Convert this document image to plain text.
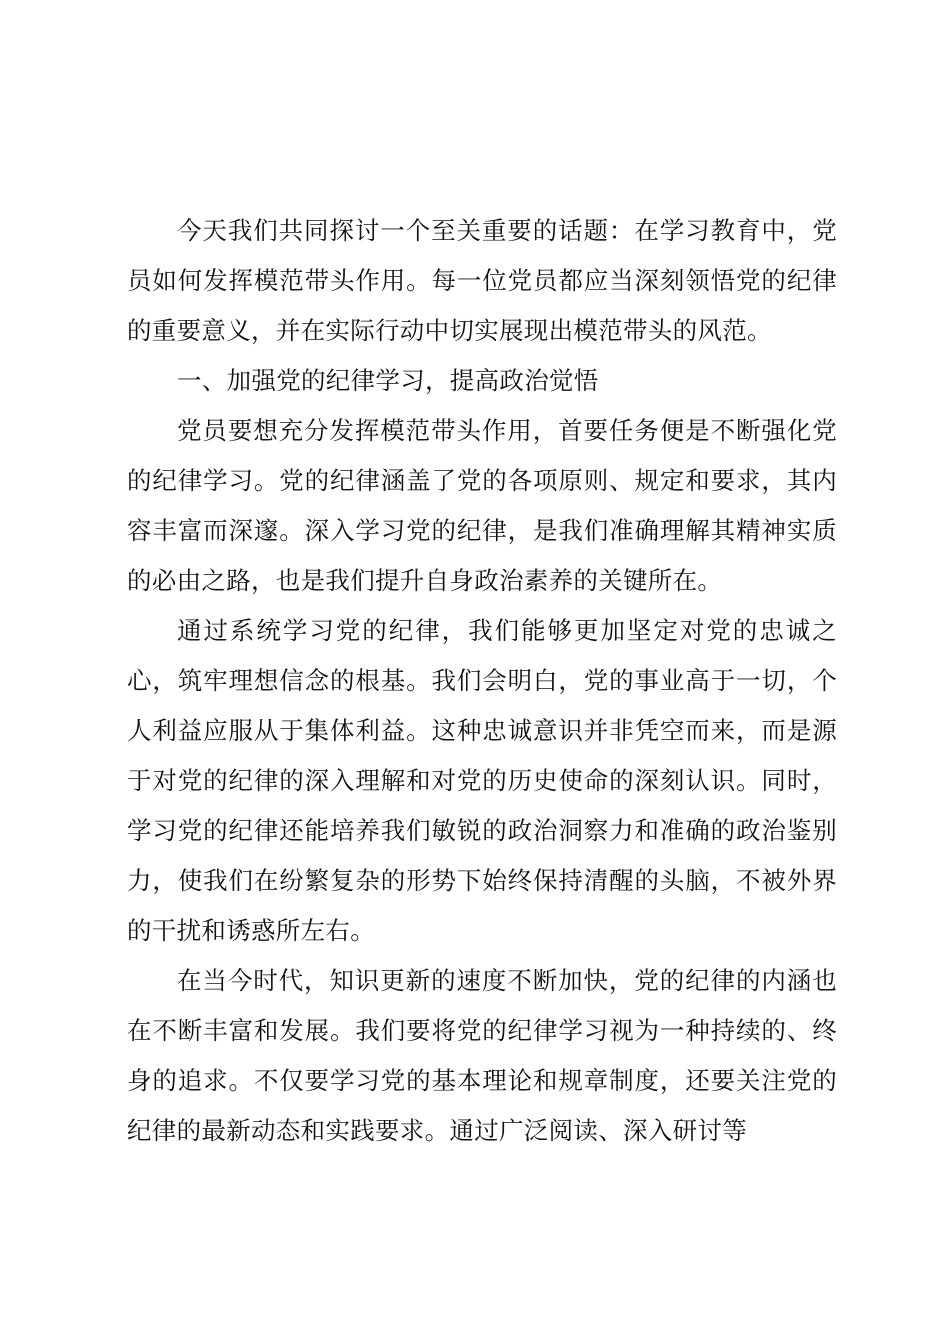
今天我们共同探讨一个至关重要的话题：在学习教育中，党员如何发挥模范带头作用。每一位党员都应当深刻领悟党的纪律的重要意义，并在实际行动中切实展现出模范带头的风范。

一、加强党的纪律学习，提高政治觉悟

党员要想充分发挥模范带头作用，首要任务便是不断强化党的纪律学习。党的纪律涵盖了党的各项原则、规定和要求，其内容丰富而深邃。深入学习党的纪律，是我们准确理解其精神实质的必由之路，也是我们提升自身政治素养的关键所在。

通过系统学习党的纪律，我们能够更加坚定对党的忠诚之心，筑牢理想信念的根基。我们会明白，党的事业高于一切，个人利益应服从于集体利益。这种忠诚意识并非凭空而来，而是源于对党的纪律的深入理解和对党的历史使命的深刻认识。同时，学习党的纪律还能培养我们敏锐的政治洞察力和准确的政治鉴别力，使我们在纷繁复杂的形势下始终保持清醒的头脑，不被外界的干扰和诱惑所左右。

在当今时代，知识更新的速度不断加快，党的纪律的内涵也在不断丰富和发展。我们要将党的纪律学习视为一种持续的、终身的追求。不仅要学习党的基本理论和规章制度，还要关注党的纪律的最新动态和实践要求。通过广泛阅读、深入研讨等
